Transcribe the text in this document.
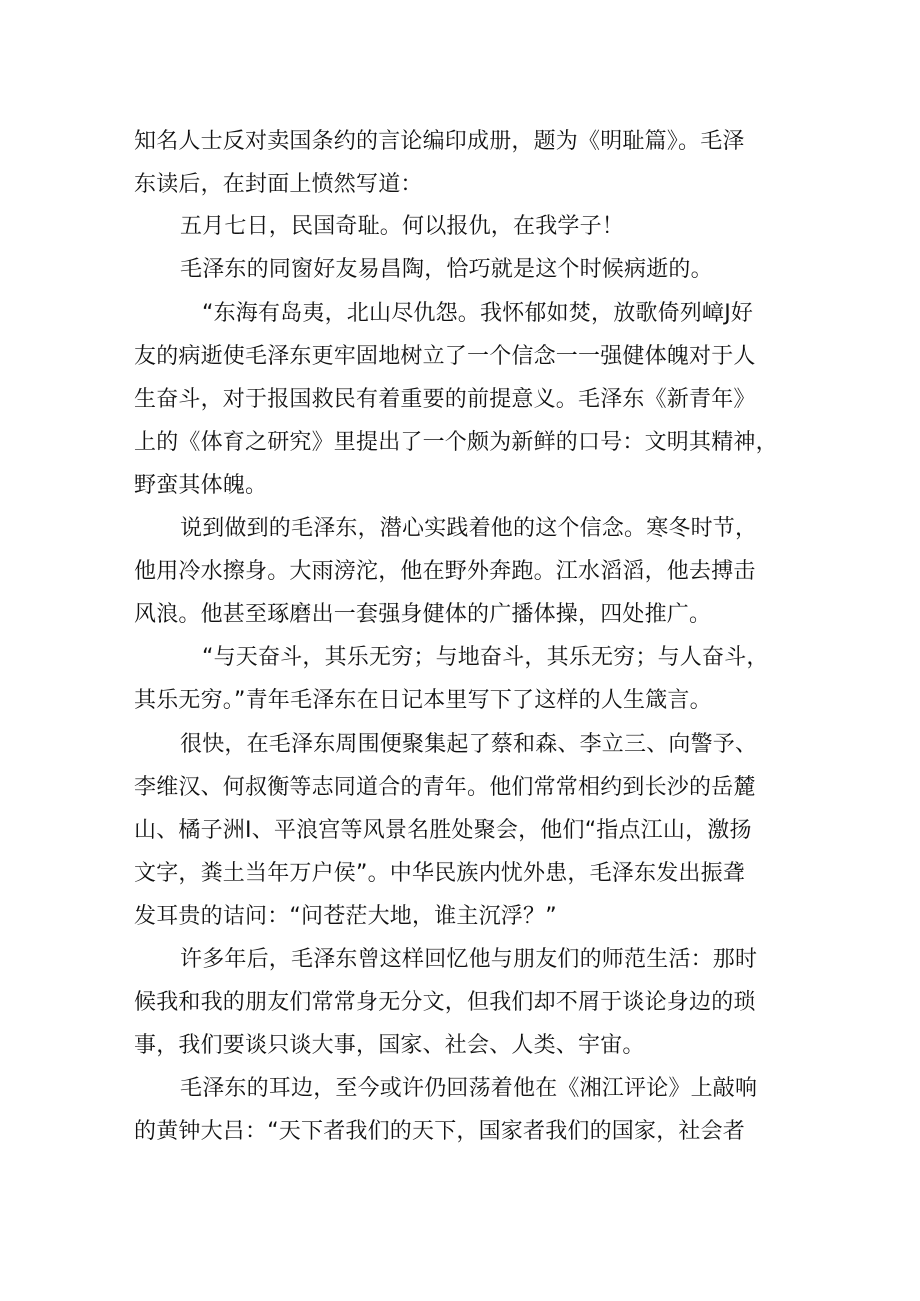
知名人士反对卖国条约的言论编印成册，题为《明耻篇》。毛泽

东读后，在封面上愤然写道：

五月七日，民国奇耻。何以报仇，在我学子！

毛泽东的同窗好友易昌陶，恰巧就是这个时候病逝的。

“东海有岛夷，北山尽仇怨。我怀郁如焚，放歌倚列嶂J好

友的病逝使毛泽东更牢固地树立了一个信念一一强健体魄对于人

生奋斗，对于报国救民有着重要的前提意义。毛泽东《新青年》

上的《体育之研究》里提出了一个颇为新鲜的口号：文明其精神，

野蛮其体魄。

说到做到的毛泽东，潜心实践着他的这个信念。寒冬时节，

他用冷水擦身。大雨滂沱，他在野外奔跑。江水滔滔，他去搏击

风浪。他甚至琢磨出一套强身健体的广播体操，四处推广。

“与天奋斗，其乐无穷；与地奋斗，其乐无穷；与人奋斗，

其乐无穷。”青年毛泽东在日记本里写下了这样的人生箴言。

很快，在毛泽东周围便聚集起了蔡和森、李立三、向警予、

李维汉、何叔衡等志同道合的青年。他们常常相约到长沙的岳麓

山、橘子洲I、平浪宫等风景名胜处聚会，他们“指点江山，激扬

文字，粪土当年万户侯”。中华民族内忧外患，毛泽东发出振聋

发耳贵的诘问：“问苍茫大地，谁主沉浮？”

许多年后，毛泽东曾这样回忆他与朋友们的师范生活：那时

候我和我的朋友们常常身无分文，但我们却不屑于谈论身边的琐

事，我们要谈只谈大事，国家、社会、人类、宇宙。

毛泽东的耳边，至今或许仍回荡着他在《湘江评论》上敲响

的黄钟大吕：“天下者我们的天下，国家者我们的国家，社会者
